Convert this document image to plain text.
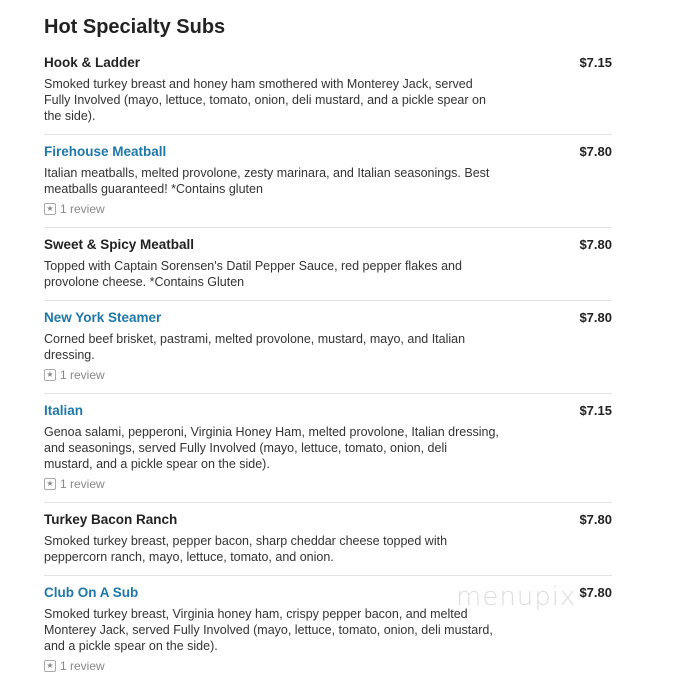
Hot Specialty Subs
Hook & Ladder	$7.15
Smoked turkey breast and honey ham smothered with Monterey Jack, served Fully Involved (mayo, lettuce, tomato, onion, deli mustard, and a pickle spear on the side).
Firehouse Meatball	$7.80
Italian meatballs, melted provolone, zesty marinara, and Italian seasonings. Best meatballs guaranteed! *Contains gluten
★ 1 review
Sweet & Spicy Meatball	$7.80
Topped with Captain Sorensen's Datil Pepper Sauce, red pepper flakes and provolone cheese. *Contains Gluten
New York Steamer	$7.80
Corned beef brisket, pastrami, melted provolone, mustard, mayo, and Italian dressing.
★ 1 review
Italian	$7.15
Genoa salami, pepperoni, Virginia Honey Ham, melted provolone, Italian dressing, and seasonings, served Fully Involved (mayo, lettuce, tomato, onion, deli mustard, and a pickle spear on the side).
★ 1 review
Turkey Bacon Ranch	$7.80
Smoked turkey breast, pepper bacon, sharp cheddar cheese topped with peppercorn ranch, mayo, lettuce, tomato, and onion.
Club On A Sub	$7.80
Smoked turkey breast, Virginia honey ham, crispy pepper bacon, and melted Monterey Jack, served Fully Involved (mayo, lettuce, tomato, onion, deli mustard, and a pickle spear on the side).
★ 1 review
menupix
